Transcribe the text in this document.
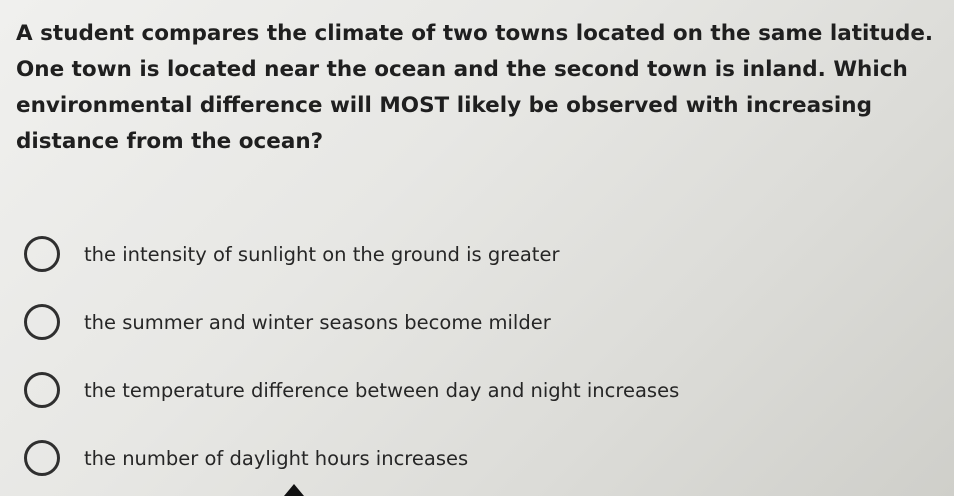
A student compares the climate of two towns located on the same latitude. One town is located near the ocean and the second town is inland. Which environmental difference will MOST likely be observed with increasing distance from the ocean?

the intensity of sunlight on the ground is greater
the summer and winter seasons become milder
the temperature difference between day and night increases
the number of daylight hours increases
